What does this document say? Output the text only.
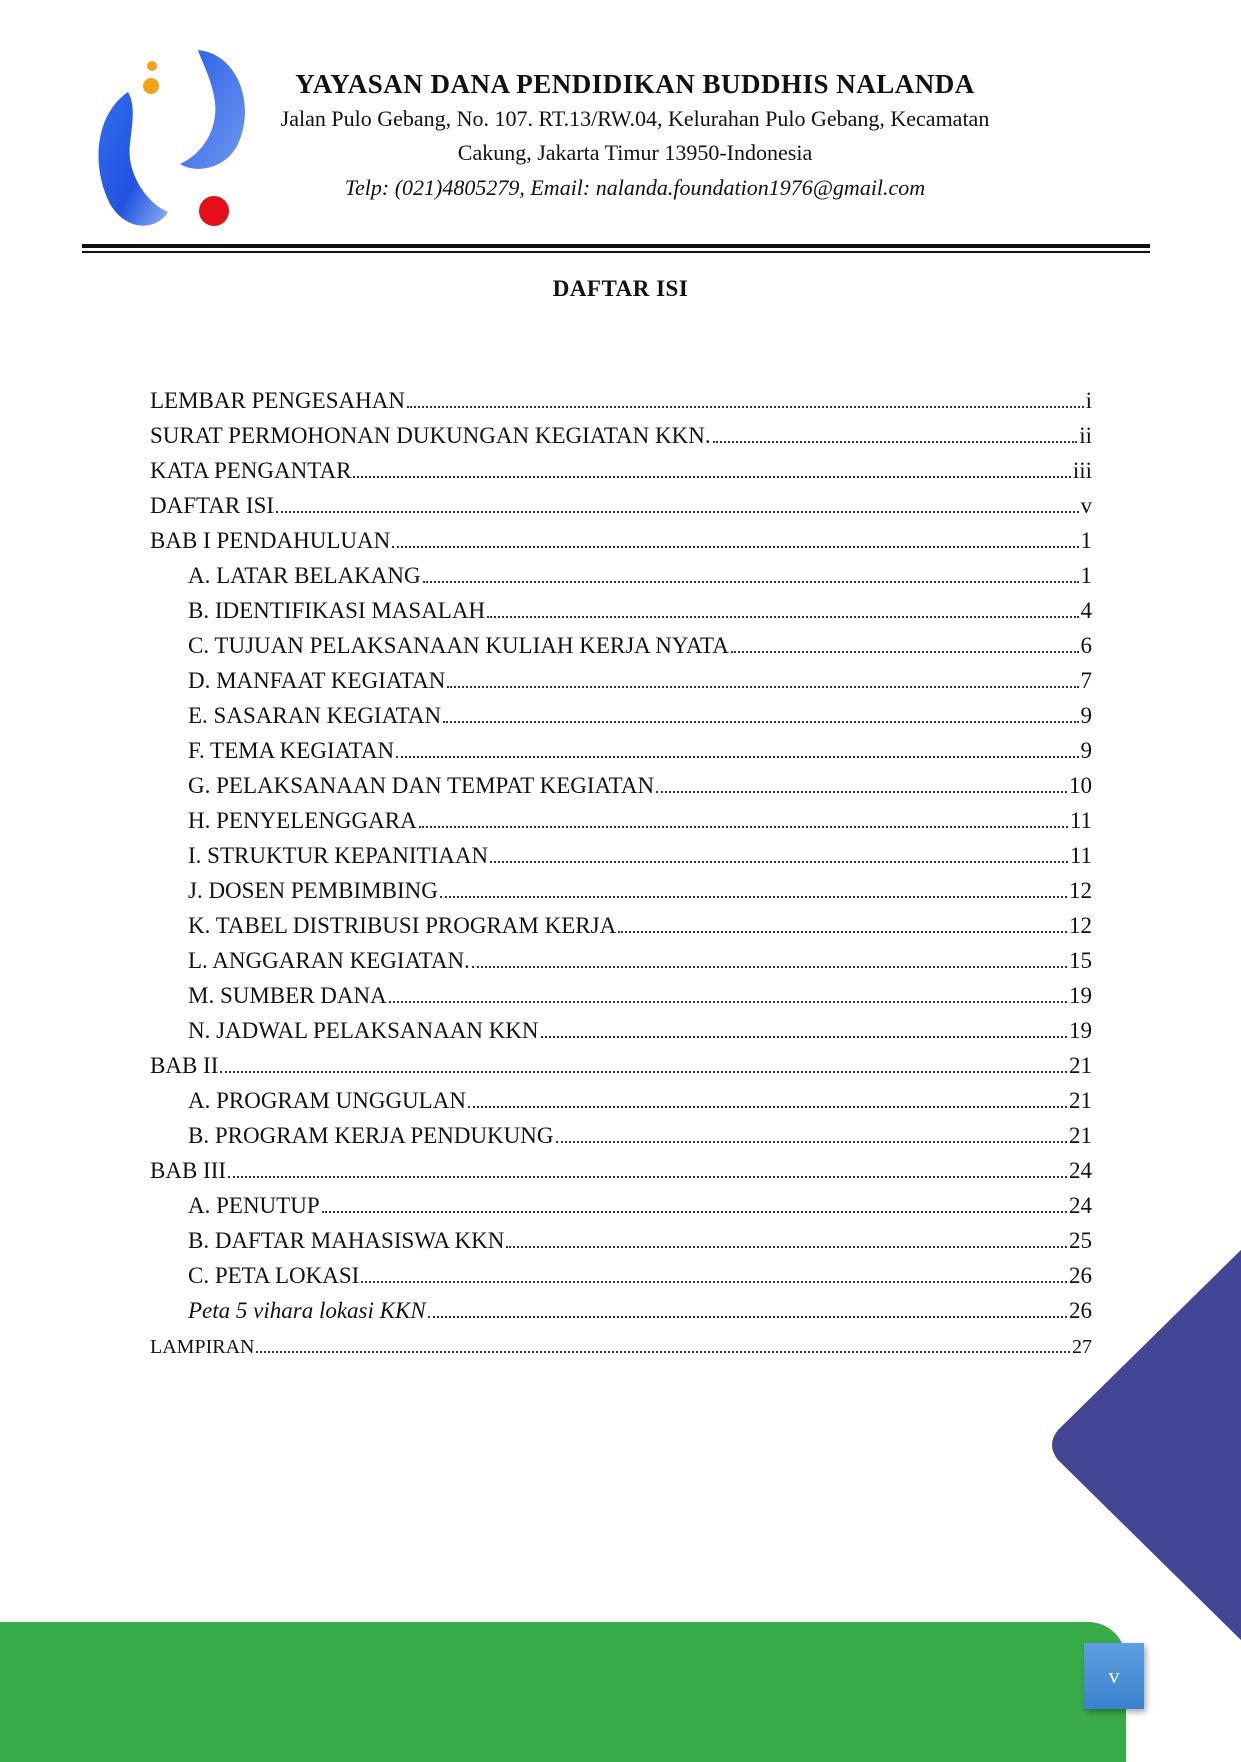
YAYASAN DANA PENDIDIKAN BUDDHIS NALANDA

Jalan Pulo Gebang, No. 107. RT.13/RW.04, Kelurahan Pulo Gebang, Kecamatan

Cakung, Jakarta Timur 13950-Indonesia

Telp: (021)4805279, Email: nalanda.foundation1976@gmail.com

DAFTAR ISI
LEMBAR PENGESAHAN	i
SURAT PERMOHONAN DUKUNGAN KEGIATAN KKN.	ii
KATA PENGANTAR	iii
DAFTAR ISI	v
BAB I PENDAHULUAN	1
A. LATAR BELAKANG	1
B. IDENTIFIKASI MASALAH	4
C. TUJUAN PELAKSANAAN KULIAH KERJA NYATA	6
D. MANFAAT KEGIATAN	7
E. SASARAN KEGIATAN	9
F. TEMA KEGIATAN	9
G. PELAKSANAAN DAN TEMPAT KEGIATAN	10
H. PENYELENGGARA	11
I. STRUKTUR KEPANITIAAN	11
J. DOSEN PEMBIMBING	12
K. TABEL DISTRIBUSI PROGRAM KERJA	12
L. ANGGARAN KEGIATAN.	15
M. SUMBER DANA	19
N. JADWAL PELAKSANAAN KKN	19
BAB II	21
A. PROGRAM UNGGULAN	21
B. PROGRAM KERJA PENDUKUNG	21
BAB III	24
A. PENUTUP	24
B. DAFTAR MAHASISWA KKN	25
C. PETA LOKASI	26
Peta 5 vihara lokasi KKN	26
LAMPIRAN	27
v
